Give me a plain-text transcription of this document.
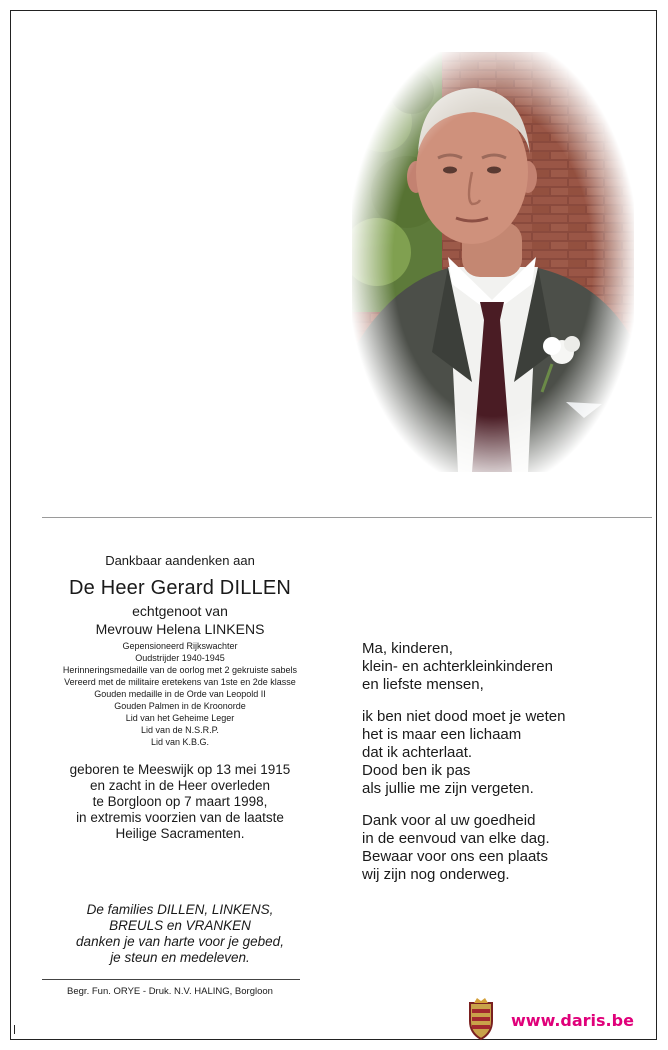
Dankbaar aandenken aan
De Heer Gerard DILLEN
echtgenoot van
Mevrouw Helena LINKENS
Gepensioneerd Rijkswachter
Oudstrijder 1940-1945
Herinneringsmedaille van de oorlog met 2 gekruiste sabels
Vereerd met de militaire eretekens van 1ste en 2de klasse
Gouden medaille in de Orde van Leopold II
Gouden Palmen in de Kroonorde
Lid van het Geheime Leger
Lid van de N.S.R.P.
Lid van K.B.G.
geboren te Meeswijk op 13 mei 1915
en zacht in de Heer overleden
te Borgloon op 7 maart 1998,
in extremis voorzien van de laatste
Heilige Sacramenten.
De families DILLEN, LINKENS,
BREULS en VRANKEN
danken je van harte voor je gebed,
je steun en medeleven.
Begr. Fun. ORYE - Druk. N.V. HALING, Borgloon
Ma, kinderen,
klein- en achterkleinkinderen
en liefste mensen,
ik ben niet dood moet je weten
het is maar een lichaam
dat ik achterlaat.
Dood ben ik pas
als jullie me zijn vergeten.
Dank voor al uw goedheid
in de eenvoud van elke dag.
Bewaar voor ons een plaats
wij zijn nog onderweg.
www.daris.be
